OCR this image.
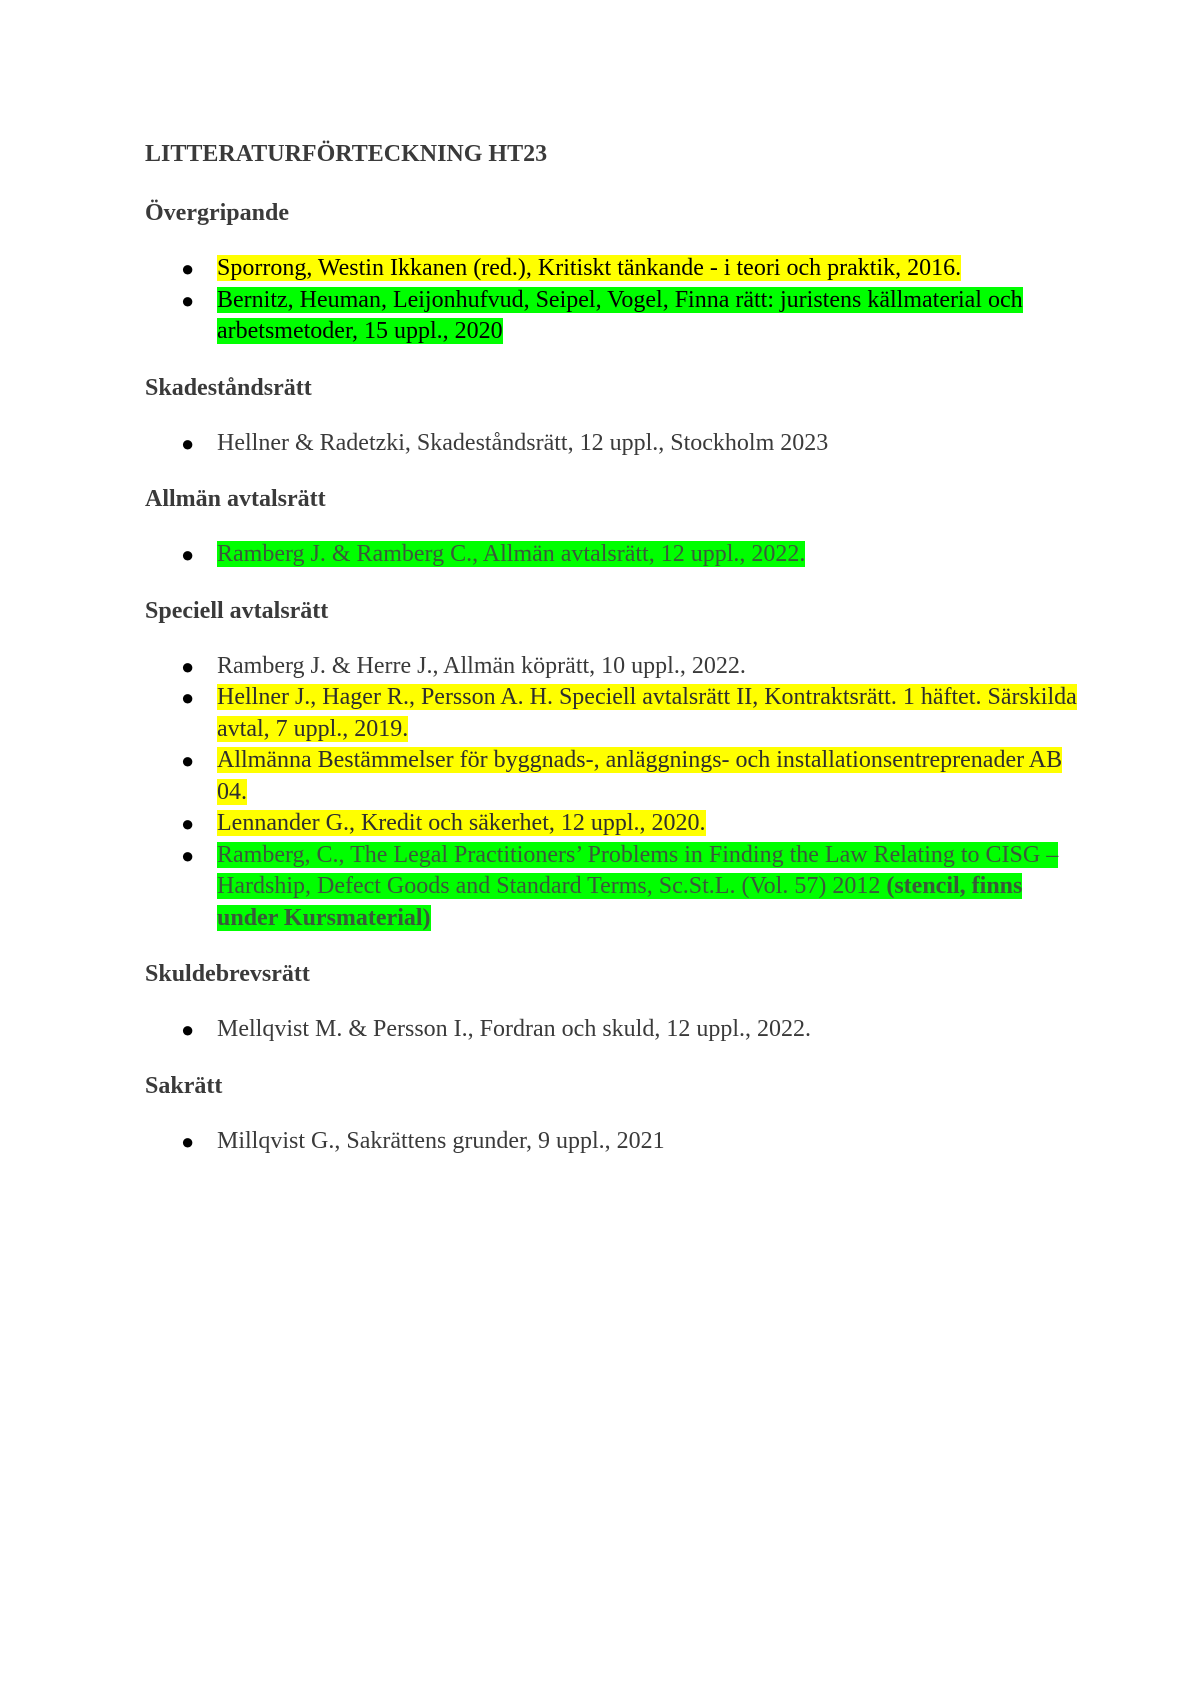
LITTERATURFÖRTECKNING HT23
Övergripande
● Sporrong, Westin Ikkanen (red.), Kritiskt tänkande - i teori och praktik, 2016.
● Bernitz, Heuman, Leijonhufvud, Seipel, Vogel, Finna rätt: juristens källmaterial och arbetsmetoder, 15 uppl., 2020
Skadeståndsrätt
● Hellner & Radetzki, Skadeståndsrätt, 12 uppl., Stockholm 2023
Allmän avtalsrätt
● Ramberg J. & Ramberg C., Allmän avtalsrätt, 12 uppl., 2022.
Speciell avtalsrätt
● Ramberg J. & Herre J., Allmän köprätt, 10 uppl., 2022.
● Hellner J., Hager R., Persson A. H. Speciell avtalsrätt II, Kontraktsrätt. 1 häftet. Särskilda avtal, 7 uppl., 2019.
● Allmänna Bestämmelser för byggnads-, anläggnings- och installationsentreprenader AB 04.
● Lennander G., Kredit och säkerhet, 12 uppl., 2020.
● Ramberg, C., The Legal Practitioners’ Problems in Finding the Law Relating to CISG – Hardship, Defect Goods and Standard Terms, Sc.St.L. (Vol. 57) 2012 (stencil, finns under Kursmaterial)
Skuldebrevsrätt
● Mellqvist M. & Persson I., Fordran och skuld, 12 uppl., 2022.
Sakrätt
● Millqvist G., Sakrättens grunder, 9 uppl., 2021
